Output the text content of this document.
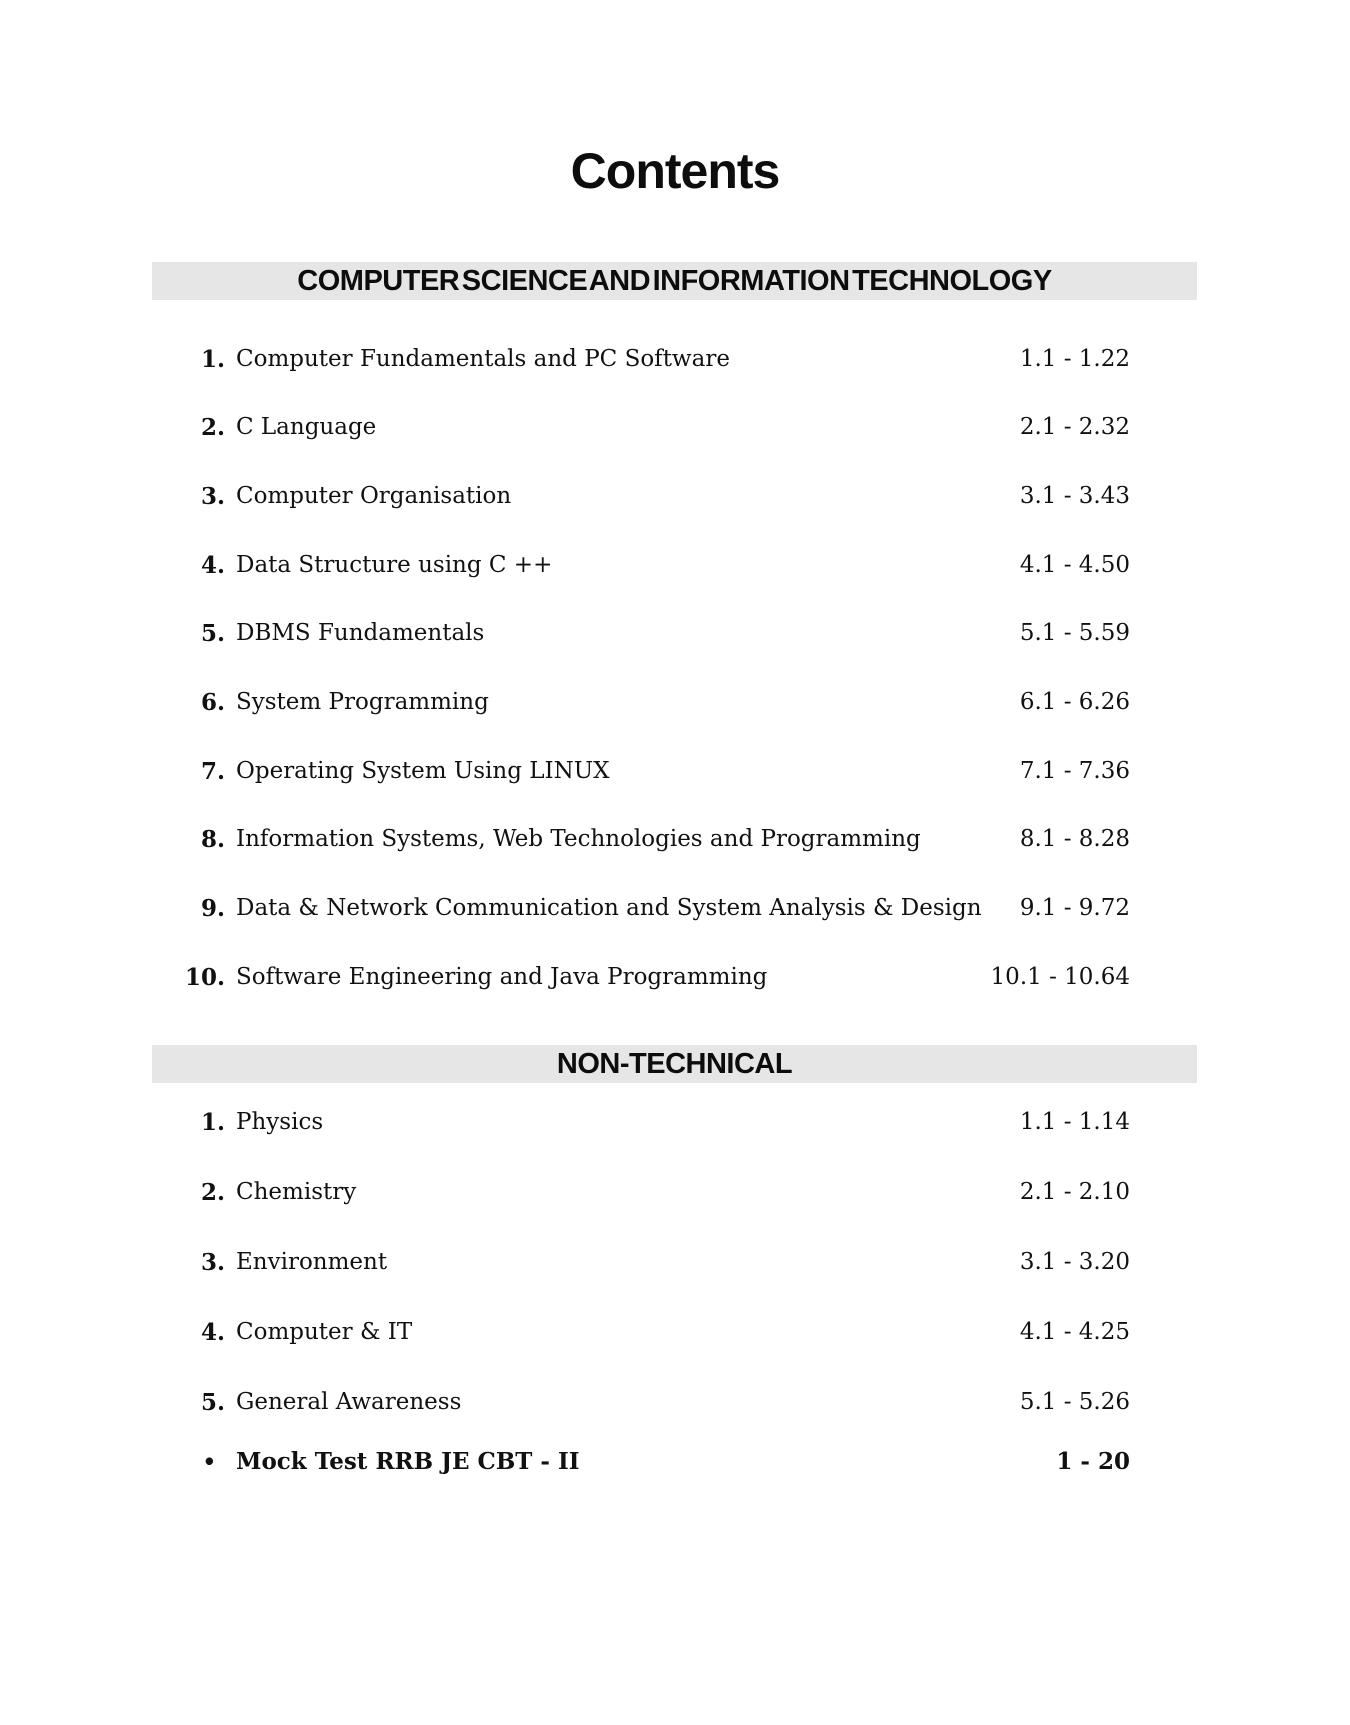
Contents
COMPUTER SCIENCE AND INFORMATION TECHNOLOGY
1. Computer Fundamentals and PC Software	1.1 - 1.22
2. C Language	2.1 - 2.32
3. Computer Organisation	3.1 - 3.43
4. Data Structure using C ++	4.1 - 4.50
5. DBMS Fundamentals	5.1 - 5.59
6. System Programming	6.1 - 6.26
7. Operating System Using LINUX	7.1 - 7.36
8. Information Systems, Web Technologies and Programming	8.1 - 8.28
9. Data & Network Communication and System Analysis & Design	9.1 - 9.72
10. Software Engineering and Java Programming	10.1 - 10.64
NON-TECHNICAL
1. Physics	1.1 - 1.14
2. Chemistry	2.1 - 2.10
3. Environment	3.1 - 3.20
4. Computer & IT	4.1 - 4.25
5. General Awareness	5.1 - 5.26
• Mock Test RRB JE CBT - II	1 - 20
